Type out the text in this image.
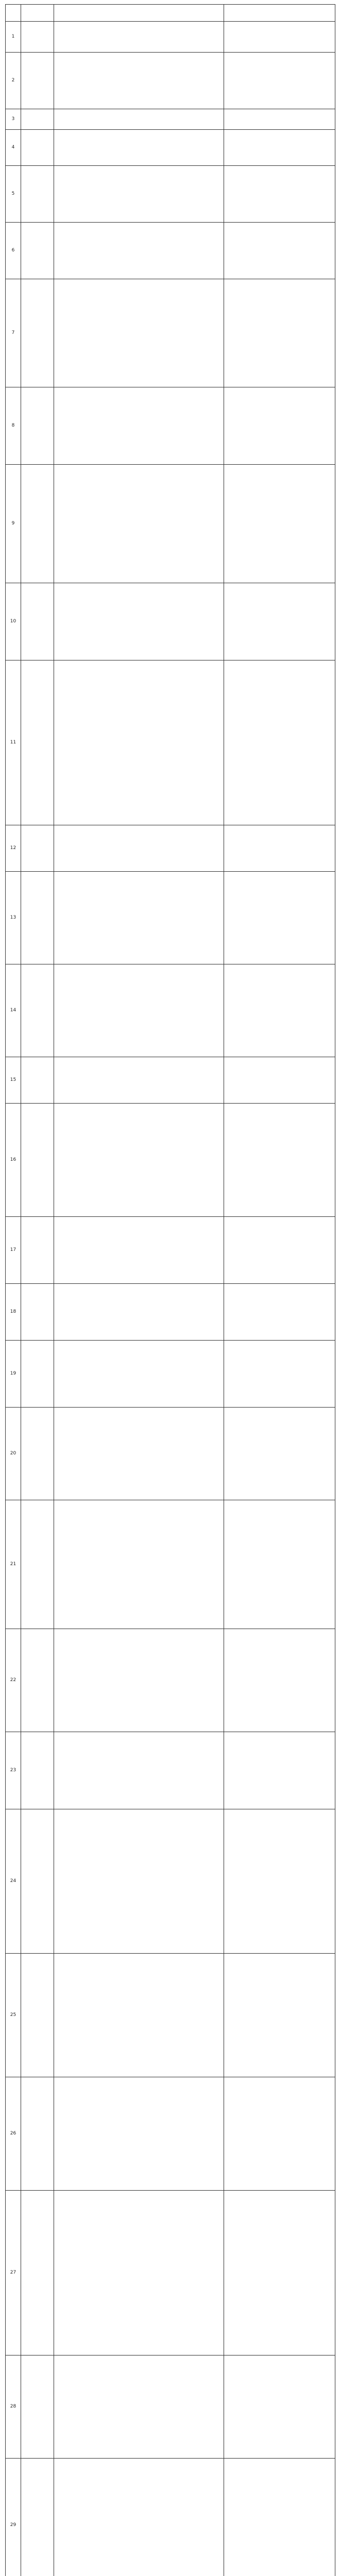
1			
2			
3			
4			
5			
6			
7			
8			
9			
10			
11			
12			
13			
14			
15			
16			
17			
18			
19			
20			
21			
22			
23			
24			
25			
26			
27			
28			
29			
